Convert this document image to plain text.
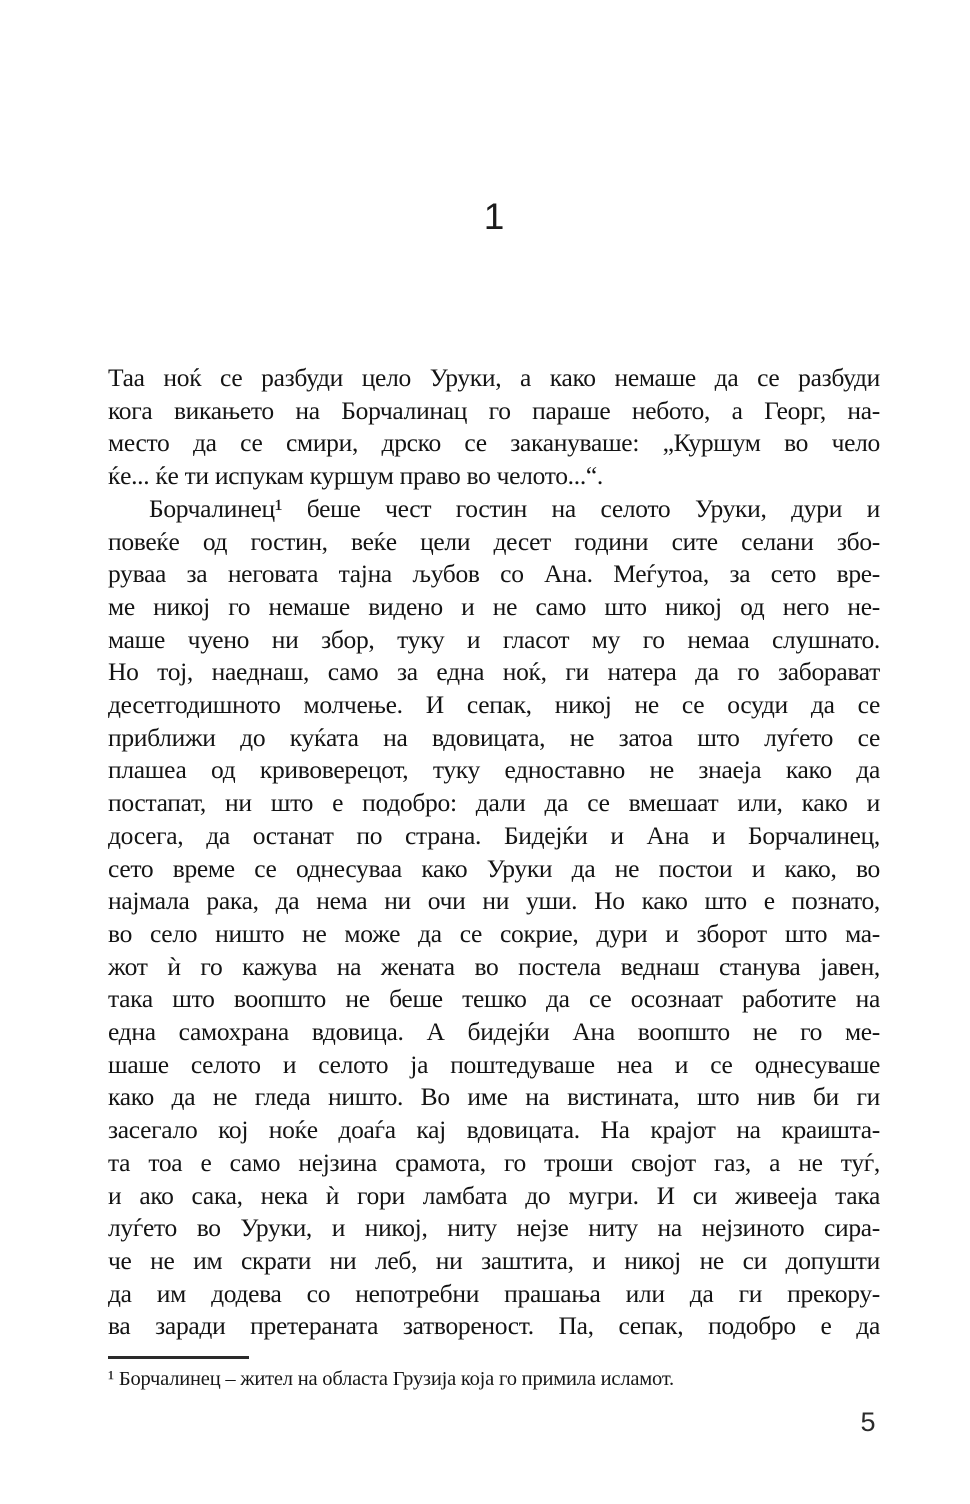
1
Таа ноќ се разбуди цело Уруки, а како немаше да се разбуди
кога викањето на Борчалинац го параше небото, а Георг, на-
место да се смири, дрско се закануваше: „Куршум во чело
ќе... ќе ти испукам куршум право во челото...“.
Борчалинец¹ беше чест гостин на селото Уруки, дури и
повеќе од гостин, веќе цели десет години сите селани збо-
руваа за неговата тајна љубов со Ана. Меѓутоа, за сето вре-
ме никој го немаше видено и не само што никој од него не-
маше чуено ни збор, туку и гласот му го немаа слушнато.
Но тој, наеднаш, само за една ноќ, ги натера да го заборават
десетгодишното молчење. И сепак, никој не се осуди да се
приближи до куќата на вдовицата, не затоа што луѓето се
плашеа од кривоверецот, туку едноставно не знаеја како да
постапат, ни што е подобро: дали да се вмешаат или, како и
досега, да останат по страна. Бидејќи и Ана и Борчалинец,
сето време се однесуваа како Уруки да не постои и како, во
најмала рака, да нема ни очи ни уши. Но како што е познато,
во село ништо не може да се сокрие, дури и зборот што ма-
жот ѝ го кажува на жената во постела веднаш станува јавен,
така што воопшто не беше тешко да се осознаат работите на
една самохрана вдовица. А бидејќи Ана воопшто не го ме-
шаше селото и селото ја поштедуваше неа и се однесуваше
како да не гледа ништо. Во име на вистината, што нив би ги
засегало кој ноќе доаѓа кај вдовицата. На крајот на краишта-
та тоа е само нејзина срамота, го троши својот газ, а не туѓ,
и ако сака, нека ѝ гори ламбата до мугри. И си живееја така
луѓето во Уруки, и никој, ниту нејзе ниту на нејзиното сира-
че не им скрати ни леб, ни заштита, и никој не си допушти
да им додева со непотребни прашања или да ги прекору-
ва заради претераната затвореност. Па, сепак, подобро е да
¹ Борчалинец – жител на областа Грузија која го примила исламот.
5
